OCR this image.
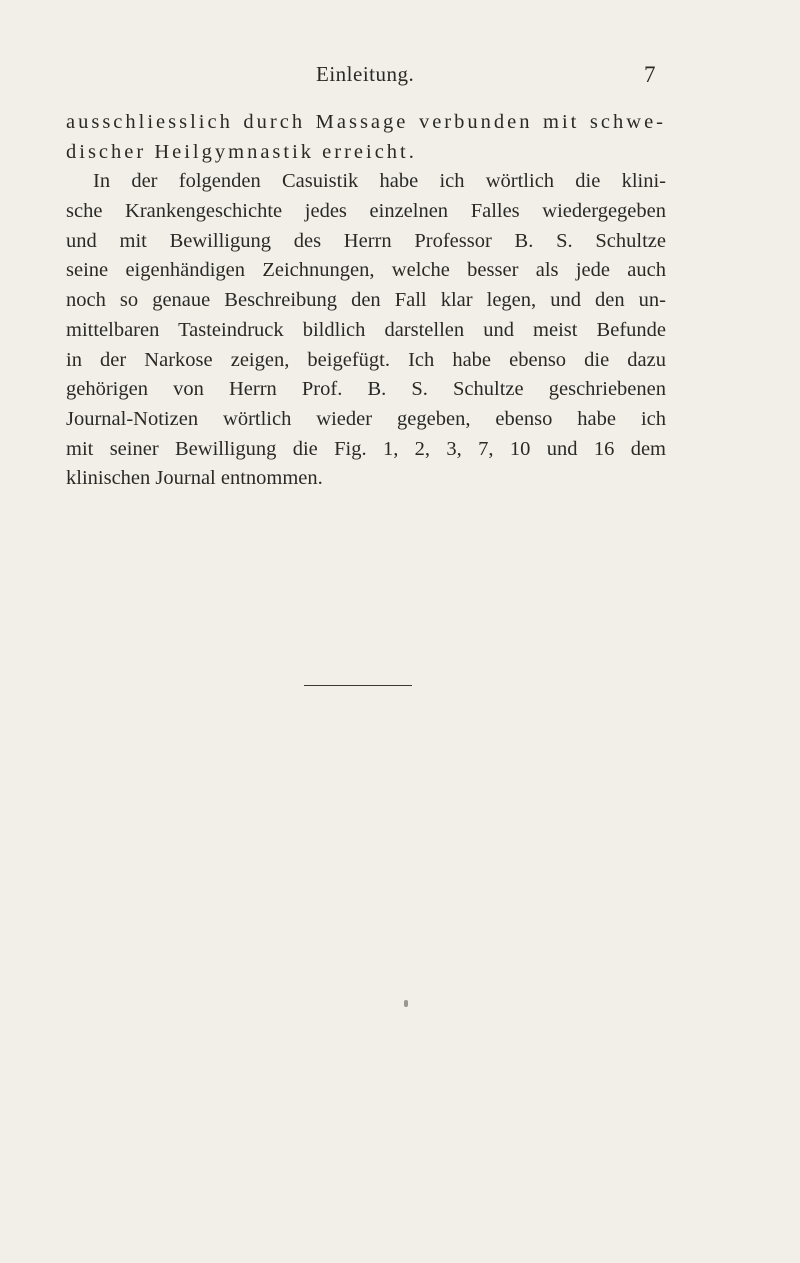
Einleitung.	7
ausschliesslich durch Massage verbunden mit schwe-
discher Heilgymnastik erreicht.
In der folgenden Casuistik habe ich wörtlich die klini-
sche Krankengeschichte jedes einzelnen Falles wiedergegeben
und mit Bewilligung des Herrn Professor B. S. Schultze
seine eigenhändigen Zeichnungen, welche besser als jede auch
noch so genaue Beschreibung den Fall klar legen, und den un-
mittelbaren Tasteindruck bildlich darstellen und meist Befunde
in der Narkose zeigen, beigefügt. Ich habe ebenso die dazu
gehörigen von Herrn Prof. B. S. Schultze geschriebenen
Journal-Notizen wörtlich wieder gegeben, ebenso habe ich
mit seiner Bewilligung die Fig. 1, 2, 3, 7, 10 und 16 dem
klinischen Journal entnommen.
